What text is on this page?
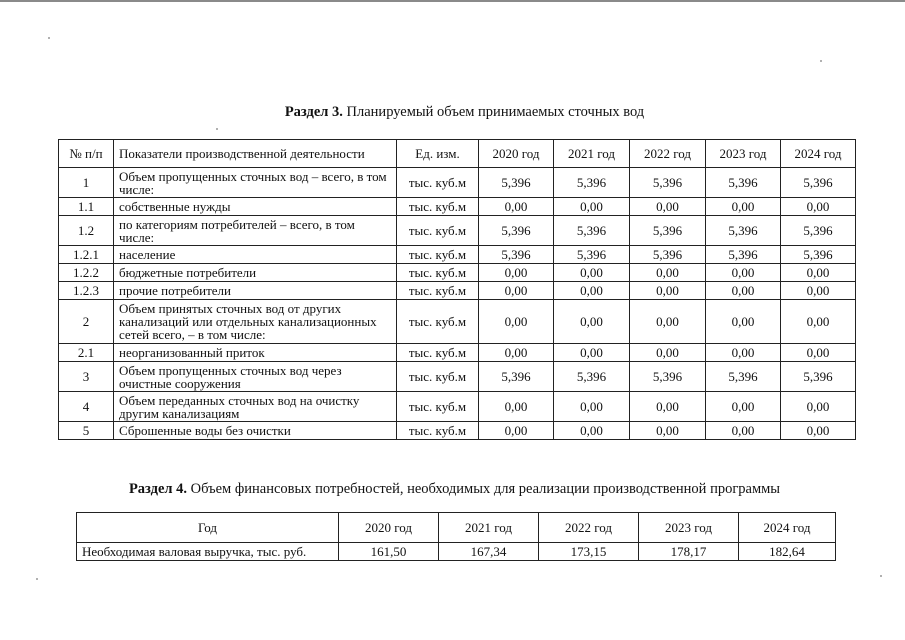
Раздел 3. Планируемый объем принимаемых сточных вод
№ п/п	Показатели производственной деятельности	Ед. изм.	2020 год	2021 год	2022 год	2023 год	2024 год
1	Объем пропущенных сточных вод – всего, в том числе:	тыс. куб.м	5,396	5,396	5,396	5,396	5,396
1.1	собственные нужды	тыс. куб.м	0,00	0,00	0,00	0,00	0,00
1.2	по категориям потребителей – всего, в том числе:	тыс. куб.м	5,396	5,396	5,396	5,396	5,396
1.2.1	население	тыс. куб.м	5,396	5,396	5,396	5,396	5,396
1.2.2	бюджетные потребители	тыс. куб.м	0,00	0,00	0,00	0,00	0,00
1.2.3	прочие потребители	тыс. куб.м	0,00	0,00	0,00	0,00	0,00
2	Объем принятых сточных вод от других канализаций или отдельных канализационных сетей всего, – в том числе:	тыс. куб.м	0,00	0,00	0,00	0,00	0,00
2.1	неорганизованный приток	тыс. куб.м	0,00	0,00	0,00	0,00	0,00
3	Объем пропущенных сточных вод через очистные сооружения	тыс. куб.м	5,396	5,396	5,396	5,396	5,396
4	Объем переданных сточных вод на очистку другим канализациям	тыс. куб.м	0,00	0,00	0,00	0,00	0,00
5	Сброшенные воды без очистки	тыс. куб.м	0,00	0,00	0,00	0,00	0,00
Раздел 4. Объем финансовых потребностей, необходимых для реализации производственной программы
Год	2020 год	2021 год	2022 год	2023 год	2024 год
Необходимая валовая выручка, тыс. руб.	161,50	167,34	173,15	178,17	182,64
